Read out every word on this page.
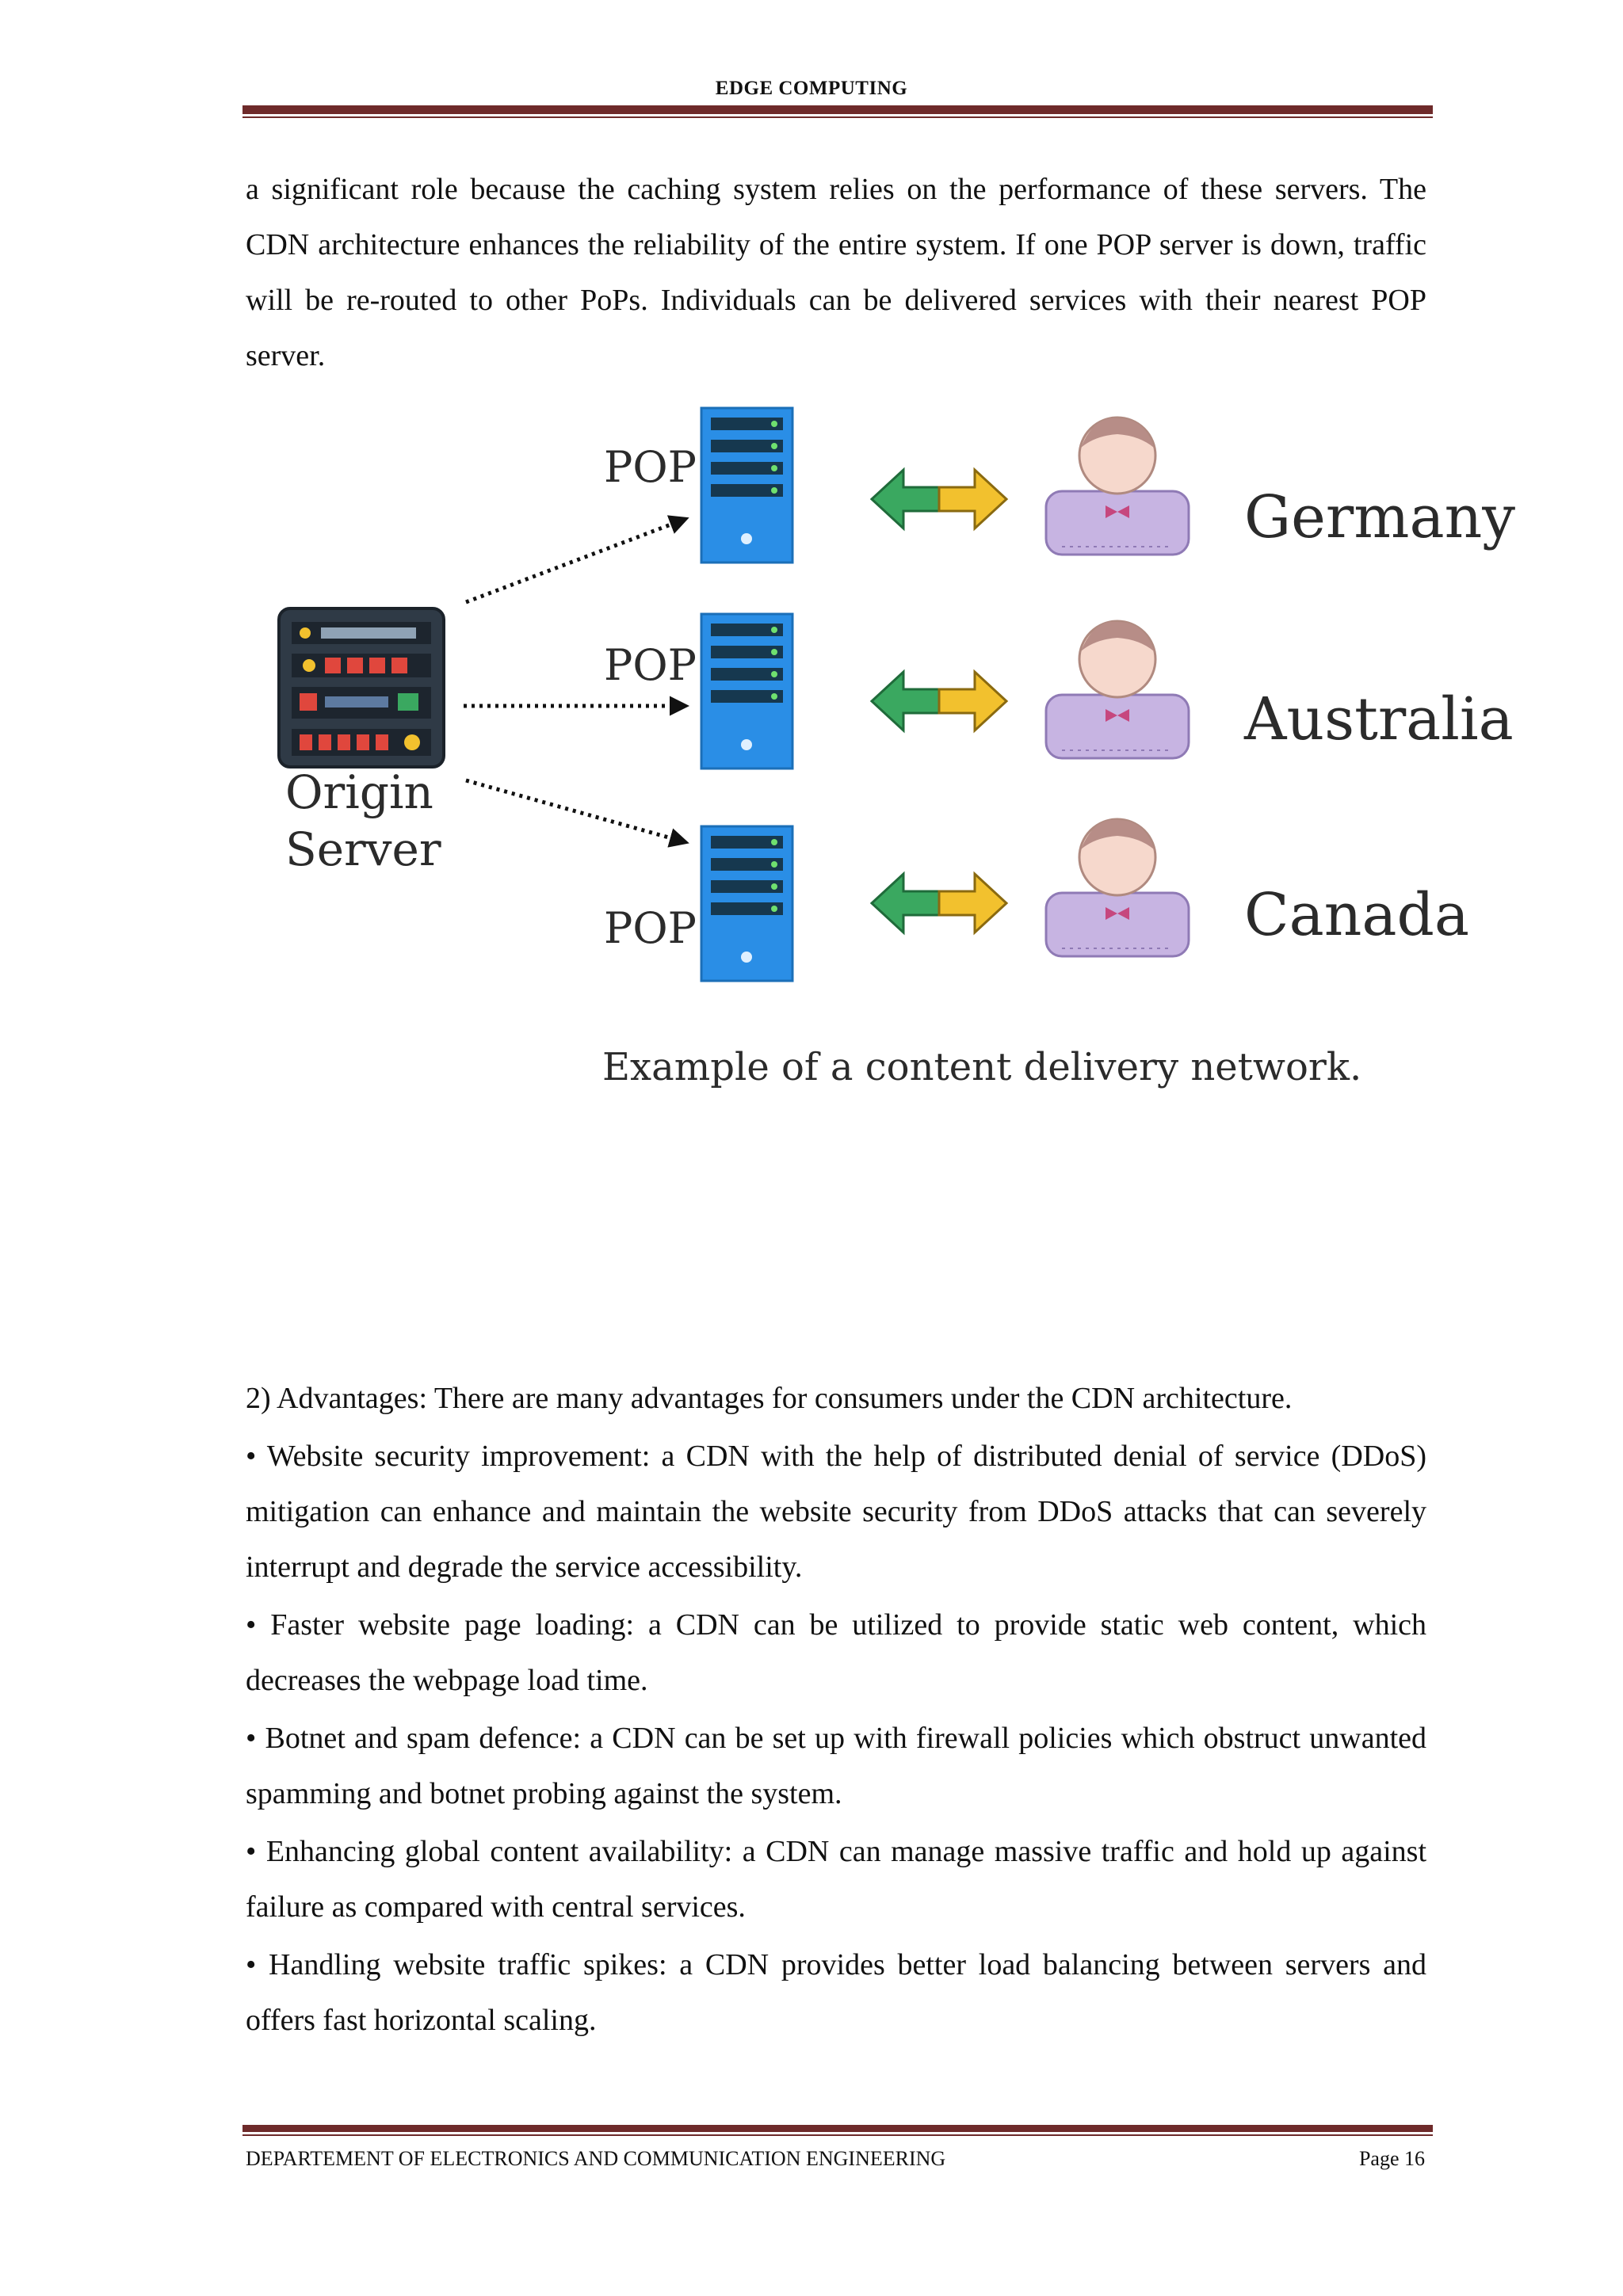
EDGE COMPUTING

a significant role because the caching system relies on the performance of these servers. The CDN architecture enhances the reliability of the entire system. If one POP server is down, traffic will be re-routed to other PoPs. Individuals can be delivered services with their nearest POP server.

Origin
Server
POP
Germany
POP
Australia
POP	Canada
Example of a content delivery network.

2) Advantages: There are many advantages for consumers under the CDN architecture.

• Website security improvement: a CDN with the help of distributed denial of service (DDoS) mitigation can enhance and maintain the website security from DDoS attacks that can severely interrupt and degrade the service accessibility.

• Faster website page loading: a CDN can be utilized to provide static web content, which decreases the webpage load time.

• Botnet and spam defence: a CDN can be set up with firewall policies which obstruct unwanted spamming and botnet probing against the system.

• Enhancing global content availability: a CDN can manage massive traffic and hold up against failure as compared with central services.

• Handling website traffic spikes: a CDN provides better load balancing between servers and offers fast horizontal scaling.

DEPARTEMENT OF ELECTRONICS AND COMMUNICATION ENGINEERING	Page 16
